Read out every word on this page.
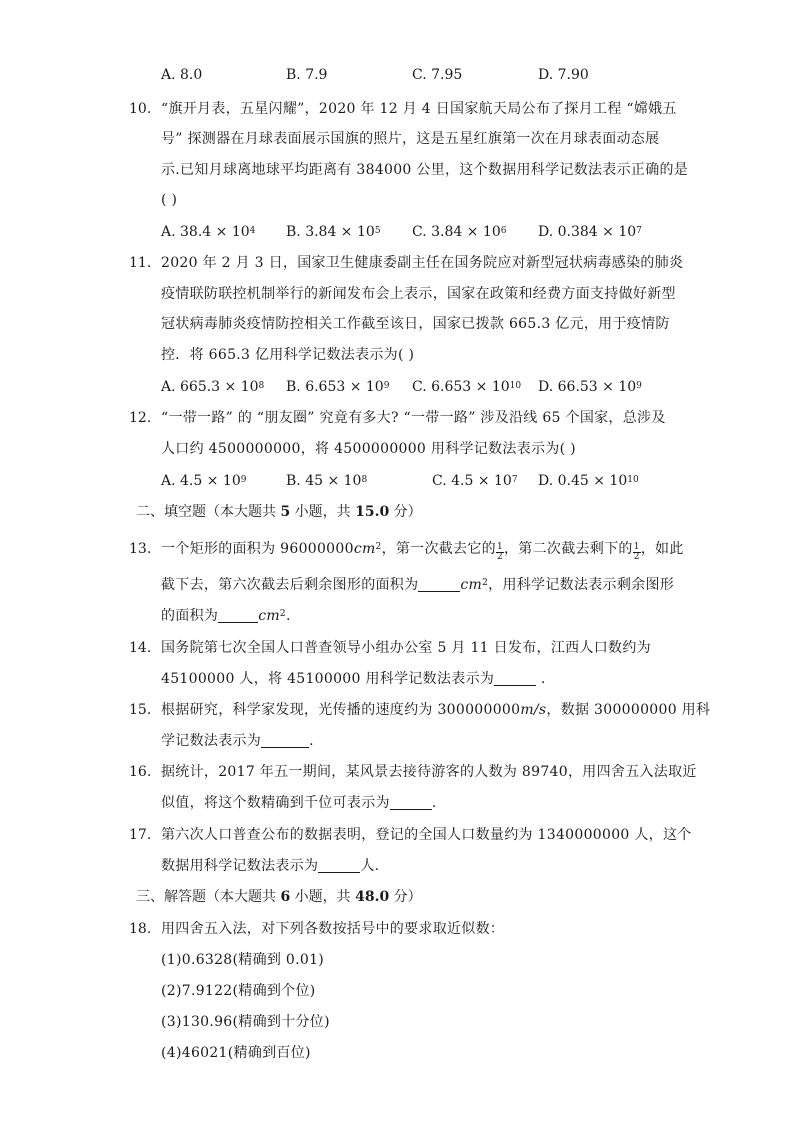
A. 8.0	B. 7.9	C. 7.95	D. 7.90
10. “旗开月表，五星闪耀”，2020 年 12 月 4 日国家航天局公布了探月工程 “嫦娥五
号” 探测器在月球表面展示国旗的照片，这是五星红旗第一次在月球表面动态展
示.已知月球离地球平均距离有 384000 公里，这个数据用科学记数法表示正确的是
( )
A. $38.4 \times 10^4$ B. $3.84 \times 10^5$ C. $3.84 \times 10^6$ D. $0.384 \times 10^7$
11. 2020 年 2 月 3 日，国家卫生健康委副主任在国务院应对新型冠状病毒感染的肺炎
疫情联防联控机制举行的新闻发布会上表示，国家在政策和经费方面支持做好新型
冠状病毒肺炎疫情防控相关工作截至该日，国家已拨款 665.3 亿元，用于疫情防
控．将 665.3 亿用科学记数法表示为( )
A. $665.3 \times 10^8$ B. $6.653 \times 10^9$ C. $6.653 \times 10^{10}$ D. $66.53 \times 10^9$
12. “一带一路” 的 “朋友圈” 究竟有多大? “一带一路” 涉及沿线 65 个国家，总涉及
人口约 4500000000，将 4500000000 用科学记数法表示为( )
A. $4.5 \times 10^9$	B. $45 \times 10^8$	C. $4.5 \times 10^7$ D. $0.45 \times 10^{10}$
二、填空题（本大题共 5 小题，共 15.0 分）
13. 一个矩形的面积为 $96000000cm^2$，第一次截去它的 $\frac{1}{2}$ ，第二次截去剩下的 $\frac{1}{2}$ ，如此
截下去，第六次截去后剩余图形的面积为	$cm^2$，用科学记数法表示剩余图形
的面积为	$cm^2$.
14. 国务院第七次全国人口普查领导小组办公室 5 月 11 日发布，江西人口数约为
45100000 人，将 45100000 用科学记数法表示为	.
15. 根据研究，科学家发现，光传播的速度约为 300000000m/s，数据 300000000 用科
学记数法表示为	.
16. 据统计，2017 年五一期间，某风景去接待游客的人数为 89740，用四舍五入法取近
似值，将这个数精确到千位可表示为	.
17. 第六次人口普查公布的数据表明，登记的全国人口数量约为 1340000000 人，这个
数据用科学记数法表示为	人.
三、解答题（本大题共 6 小题，共 48.0 分）
18. 用四舍五入法，对下列各数按括号中的要求取近似数：
(1)0.6328(精确到 0.01)
(2)7.9122(精确到个位)
(3)130.96(精确到十分位)
(4)46021(精确到百位)
